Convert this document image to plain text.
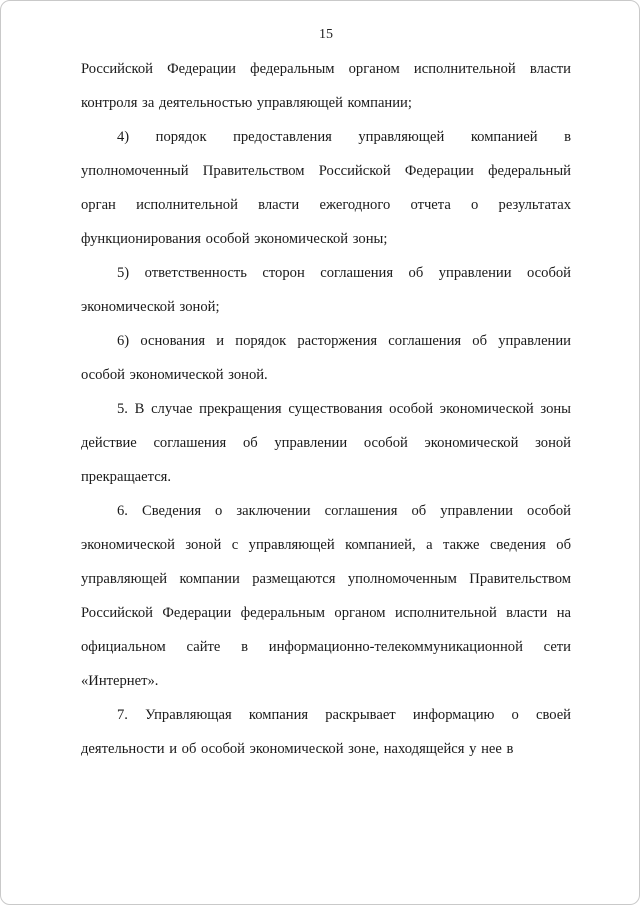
15

Российской Федерации федеральным органом исполнительной власти контроля за деятельностью управляющей компании;

4) порядок предоставления управляющей компанией в уполномоченный Правительством Российской Федерации федеральный орган исполнительной власти ежегодного отчета о результатах функционирования особой экономической зоны;

5) ответственность сторон соглашения об управлении особой экономической зоной;

6) основания и порядок расторжения соглашения об управлении особой экономической зоной.

5. В случае прекращения существования особой экономической зоны действие соглашения об управлении особой экономической зоной прекращается.

6. Сведения о заключении соглашения об управлении особой экономической зоной с управляющей компанией, а также сведения об управляющей компании размещаются уполномоченным Правительством Российской Федерации федеральным органом исполнительной власти на официальном сайте в информационно-телекоммуникационной сети «Интернет».

7. Управляющая компания раскрывает информацию о своей деятельности и об особой экономической зоне, находящейся у нее в
